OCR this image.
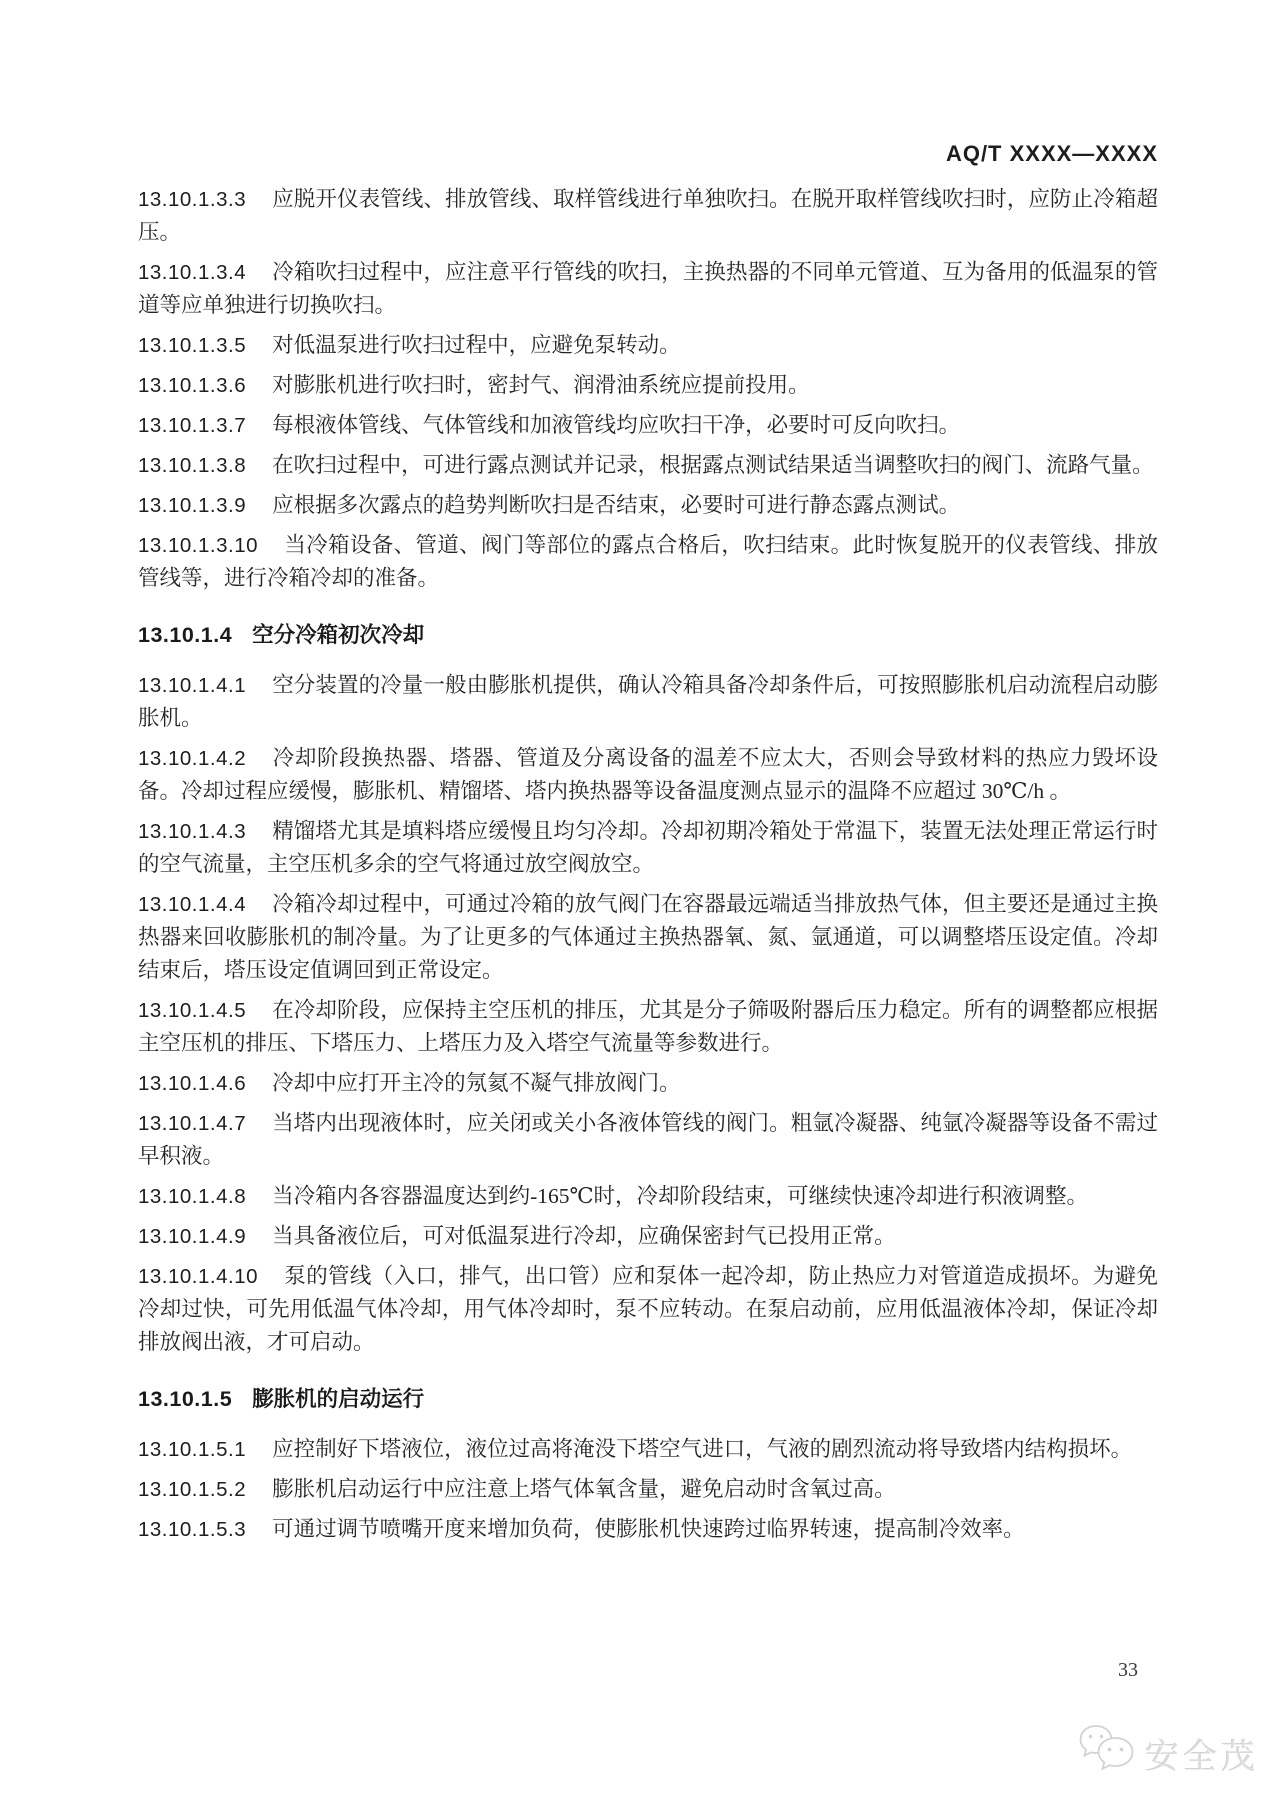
AQ/T XXXX—XXXX

13.10.1.3.3 应脱开仪表管线、排放管线、取样管线进行单独吹扫。在脱开取样管线吹扫时，应防止冷箱超压。

13.10.1.3.4 冷箱吹扫过程中，应注意平行管线的吹扫，主换热器的不同单元管道、互为备用的低温泵的管道等应单独进行切换吹扫。

13.10.1.3.5 对低温泵进行吹扫过程中，应避免泵转动。

13.10.1.3.6 对膨胀机进行吹扫时，密封气、润滑油系统应提前投用。

13.10.1.3.7 每根液体管线、气体管线和加液管线均应吹扫干净，必要时可反向吹扫。

13.10.1.3.8 在吹扫过程中，可进行露点测试并记录，根据露点测试结果适当调整吹扫的阀门、流路气量。

13.10.1.3.9 应根据多次露点的趋势判断吹扫是否结束，必要时可进行静态露点测试。

13.10.1.3.10 当冷箱设备、管道、阀门等部位的露点合格后，吹扫结束。此时恢复脱开的仪表管线、排放管线等，进行冷箱冷却的准备。

13.10.1.4 空分冷箱初次冷却

13.10.1.4.1 空分装置的冷量一般由膨胀机提供，确认冷箱具备冷却条件后，可按照膨胀机启动流程启动膨胀机。

13.10.1.4.2 冷却阶段换热器、塔器、管道及分离设备的温差不应太大，否则会导致材料的热应力毁坏设备。冷却过程应缓慢，膨胀机、精馏塔、塔内换热器等设备温度测点显示的温降不应超过 30℃/h 。

13.10.1.4.3 精馏塔尤其是填料塔应缓慢且均匀冷却。冷却初期冷箱处于常温下，装置无法处理正常运行时的空气流量，主空压机多余的空气将通过放空阀放空。

13.10.1.4.4 冷箱冷却过程中，可通过冷箱的放气阀门在容器最远端适当排放热气体，但主要还是通过主换热器来回收膨胀机的制冷量。为了让更多的气体通过主换热器氧、氮、氩通道，可以调整塔压设定值。冷却结束后，塔压设定值调回到正常设定。

13.10.1.4.5 在冷却阶段，应保持主空压机的排压，尤其是分子筛吸附器后压力稳定。所有的调整都应根据主空压机的排压、下塔压力、上塔压力及入塔空气流量等参数进行。

13.10.1.4.6 冷却中应打开主冷的氖氦不凝气排放阀门。

13.10.1.4.7 当塔内出现液体时，应关闭或关小各液体管线的阀门。粗氩冷凝器、纯氩冷凝器等设备不需过早积液。

13.10.1.4.8 当冷箱内各容器温度达到约-165℃时，冷却阶段结束，可继续快速冷却进行积液调整。

13.10.1.4.9 当具备液位后，可对低温泵进行冷却，应确保密封气已投用正常。

13.10.1.4.10 泵的管线（入口，排气，出口管）应和泵体一起冷却，防止热应力对管道造成损坏。为避免冷却过快，可先用低温气体冷却，用气体冷却时，泵不应转动。在泵启动前，应用低温液体冷却，保证冷却排放阀出液，才可启动。

13.10.1.5 膨胀机的启动运行

13.10.1.5.1 应控制好下塔液位，液位过高将淹没下塔空气进口，气液的剧烈流动将导致塔内结构损坏。

13.10.1.5.2 膨胀机启动运行中应注意上塔气体氧含量，避免启动时含氧过高。

13.10.1.5.3 可通过调节喷嘴开度来增加负荷，使膨胀机快速跨过临界转速，提高制冷效率。

33
安全茂
